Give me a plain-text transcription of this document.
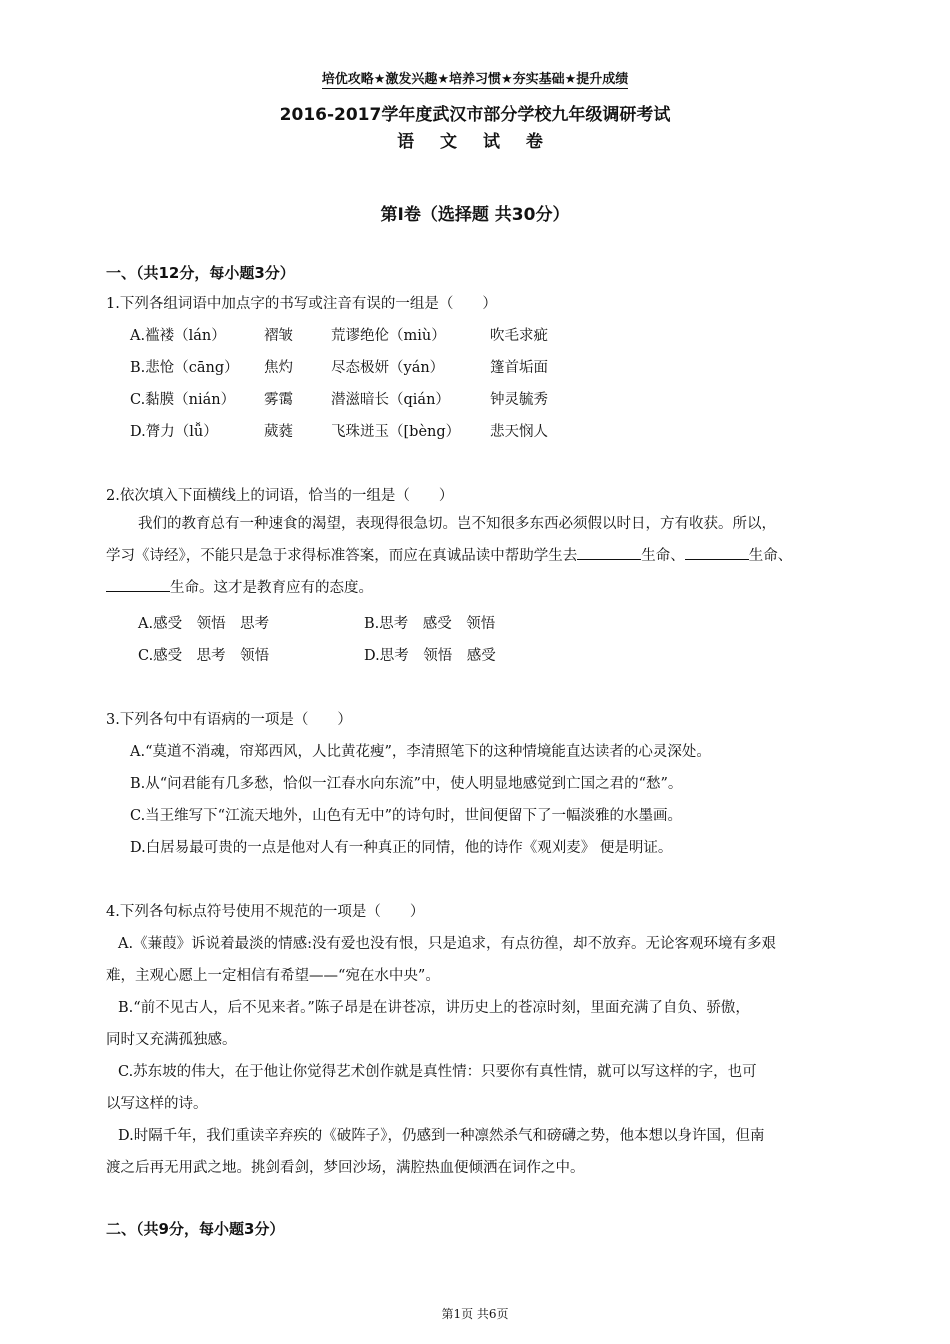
培优攻略★激发兴趣★培养习惯★夯实基础★提升成绩
2016-2017学年度武汉市部分学校九年级调研考试
语 文 试 卷
第Ⅰ卷（选择题 共30分）
一、（共12分，每小题3分）
1.下列各组词语中加点字的书写或注音有误的一组是（　　）
A.褴褛（lán）	褶皱	荒谬绝伦（miù）	吹毛求疵
B.悲怆（cāng） 焦灼	尽态极妍（yán）	篷首垢面
C.黏膜（nián） 雾霭	潜滋暗长（qián）	钟灵毓秀
D.膂力（lǚ）	葳蕤	飞珠迸玉（[bèng） 悲天悯人
2.依次填入下面横线上的词语，恰当的一组是（　　）
我们的教育总有一种速食的渴望，表现得很急切。岂不知很多东西必须假以时日，方有收获。所以，
学习《诗经》，不能只是急于求得标准答案，而应在真诚品读中帮助学生去	生命、	生命、
生命。这才是教育应有的态度。
A.感受　领悟　思考	B.思考　感受　领悟
C.感受　思考　领悟	D.思考　领悟　感受
3.下列各句中有语病的一项是（　　）
A.“莫道不消魂，帘郑西风，人比黄花瘦”，李清照笔下的这种情境能直达读者的心灵深处。
B.从“问君能有几多愁，恰似一江春水向东流”中，使人明显地感觉到亡国之君的“愁”。
C.当王维写下“江流天地外，山色有无中”的诗句时，世间便留下了一幅淡雅的水墨画。
D.白居易最可贵的一点是他对人有一种真正的同情，他的诗作《观刈麦》 便是明证。
4.下列各句标点符号使用不规范的一项是（　　）
A.《蒹葭》诉说着最淡的情感:没有爱也没有恨，只是追求，有点彷徨，却不放弃。无论客观环境有多艰
难，主观心愿上一定相信有希望——“宛在水中央”。
B.“前不见古人，后不见来者。”陈子昂是在讲苍凉，讲历史上的苍凉时刻，里面充满了自负、骄傲，
同时又充满孤独感。
C.苏东坡的伟大，在于他让你觉得艺术创作就是真性情：只要你有真性情，就可以写这样的字，也可
以写这样的诗。
D.时隔千年，我们重读辛弃疾的《破阵子》，仍感到一种凛然杀气和磅礴之势，他本想以身许国，但南
渡之后再无用武之地。挑剑看剑，梦回沙场，满腔热血便倾洒在词作之中。
二、（共9分，每小题3分）
第1页 共6页
